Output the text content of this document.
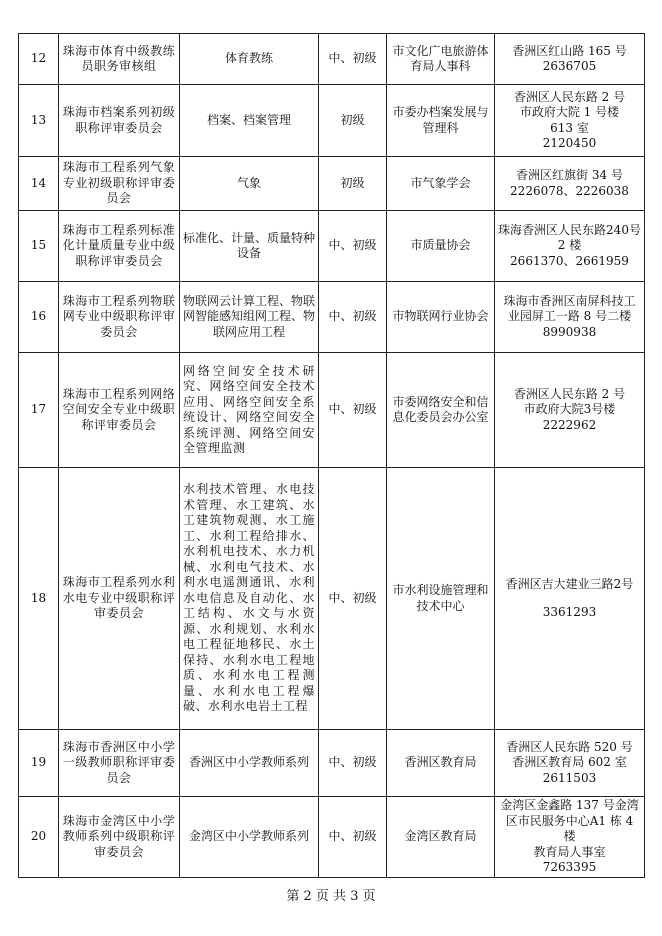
12	珠海市体育中级教练员职务审核组	体育教练	中、初级	市文化广电旅游体育局人事科	香洲区红山路 165 号
2636705

13	珠海市档案系列初级职称评审委员会	档案、档案管理	初级	市委办档案发展与管理科	香洲区人民东路 2 号
市政府大院 1 号楼
613 室
2120450

14	珠海市工程系列气象专业初级职称评审委员会	气象	初级	市气象学会	香洲区红旗街 34 号
2226078、2226038

15	珠海市工程系列标准化计量质量专业中级职称评审委员会	标准化、计量、质量特种设备	中、初级	市质量协会	珠海香洲区人民东路240号 2 楼
2661370、2661959

16	珠海市工程系列物联网专业中级职称评审委员会	物联网云计算工程、物联网智能感知组网工程、物联网应用工程	中、初级	市物联网行业协会	珠海市香洲区南屏科技工业园屏工一路 8 号二楼
8990938

17	珠海市工程系列网络空间安全专业中级职称评审委员会	网络空间安全技术研究、网络空间安全技术应用、网络空间安全系统设计、网络空间安全系统评测、网络空间安全管理监测	中、初级	市委网络安全和信息化委员会办公室	香洲区人民东路 2 号
市政府大院3号楼
2222962

18	珠海市工程系列水利水电专业中级职称评审委员会	水利技术管理、水电技术管理、水工建筑、水工建筑物观测、水工施工、水利工程给排水、水利机电技术、水力机械、水利电气技术、水利水电遥测通讯、水利水电信息及自动化、水工结构、水文与水资源、水利规划、水利水电工程征地移民、水土保持、水利水电工程地质、水利水电工程测量、水利水电工程爆破、水利水电岩土工程	中、初级	市水利设施管理和技术中心	香洲区吉大建业三路2号
3361293

19	珠海市香洲区中小学一级教师职称评审委员会	香洲区中小学教师系列	中、初级	香洲区教育局	香洲区人民东路 520 号
香洲区教育局 602 室
2611503

20	珠海市金湾区中小学教师系列中级职称评审委员会	金湾区中小学教师系列	中、初级	金湾区教育局	金湾区金鑫路 137 号金湾区市民服务中心A1 栋 4 楼
教育局人事室
7263395
第 2 页 共 3 页
